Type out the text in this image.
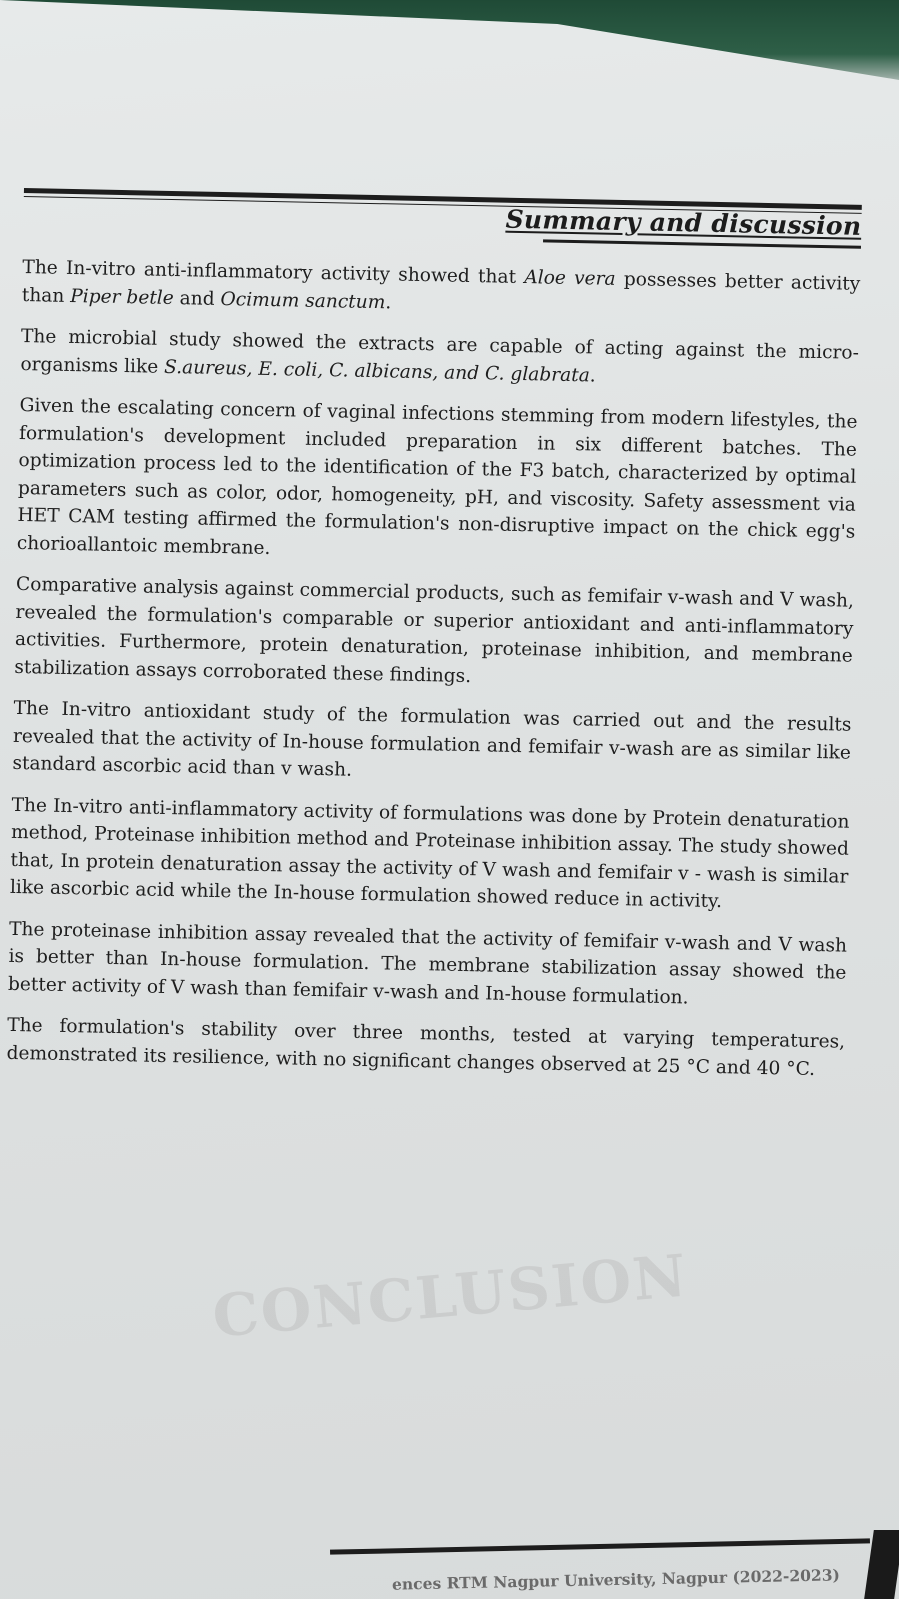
Summary and discussion

The In-vitro anti-inflammatory activity showed that Aloe vera possesses better activity than Piper betle and Ocimum sanctum.

The microbial study showed the extracts are capable of acting against the micro-organisms like S.aureus, E. coli, C. albicans, and C. glabrata.

Given the escalating concern of vaginal infections stemming from modern lifestyles, the formulation's development included preparation in six different batches. The optimization process led to the identification of the F3 batch, characterized by optimal parameters such as color, odor, homogeneity, pH, and viscosity. Safety assessment via HET CAM testing affirmed the formulation's non-disruptive impact on the chick egg's chorioallantoic membrane.

Comparative analysis against commercial products, such as femifair v-wash and V wash, revealed the formulation's comparable or superior antioxidant and anti-inflammatory activities. Furthermore, protein denaturation, proteinase inhibition, and membrane stabilization assays corroborated these findings.

The In-vitro antioxidant study of the formulation was carried out and the results revealed that the activity of In-house formulation and femifair v-wash are as similar like standard ascorbic acid than v wash.

The In-vitro anti-inflammatory activity of formulations was done by Protein denaturation method, Proteinase inhibition method and Proteinase inhibition assay. The study showed that, In protein denaturation assay the activity of V wash and femifair v - wash is similar like ascorbic acid while the In-house formulation showed reduce in activity.

The proteinase inhibition assay revealed that the activity of femifair v-wash and V wash is better than In-house formulation. The membrane stabilization assay showed the better activity of V wash than femifair v-wash and In-house formulation.

The formulation's stability over three months, tested at varying temperatures, demonstrated its resilience, with no significant changes observed at 25 °C and 40 °C.

CONCLUSION
ences RTM Nagpur University, Nagpur (2022-2023)
